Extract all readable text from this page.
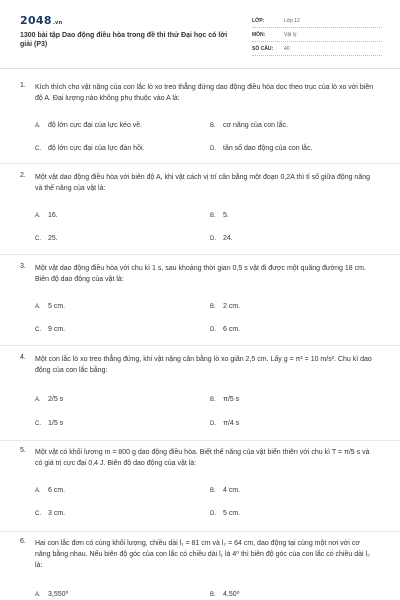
2048.vn
1300 bài tập Dao động điều hòa trong đề thi thử Đại học có lời giải (P3)
LỚP:	Lớp 12
MÔN:	Vật lý
SỐ CÂU:	40
1. Kích thích cho vật nặng của con lắc lò xo treo thẳng đứng dao động điều hòa dọc theo trục của lò xo với biên độ A. Đại lượng nào không phụ thuộc vào A là:
A. độ lớn cực đại của lực kéo về.	B. cơ năng của con lắc.
C. độ lớn cực đại của lực đàn hồi.	D. tần số dao động của con lắc.
2. Một vật dao động điều hòa với biên độ A, khi vật cách vị trí cân bằng một đoạn 0,2A thì tỉ số giữa động năng và thế năng của vật là:
A. 16.	B. 5.
C. 25.	D. 24.
3. Một vật dao động điều hòa với chu kì 1 s, sau khoảng thời gian 0,5 s vật đi được một quãng đường 18 cm. Biên độ dao động của vật là:
A. 5 cm.	B. 2 cm.
C. 9 cm.	D. 6 cm.
4. Một con lắc lò xo treo thẳng đứng, khi vật nặng cân bằng lò xo giãn 2,5 cm. Lấy g = π² = 10 m/s². Chu kì dao động của con lắc bằng:
A. 2/5 s	B. π/5 s
C. 1/5 s	D. π/4 s
5. Một vật có khối lượng m = 800 g dao động điều hòa. Biết thế năng của vật biến thiên với chu kì T = π/5 s và có giá trị cực đại 0,4 J. Biên độ dao động của vật là:
A. 6 cm.	B. 4 cm.
C. 3 cm.	D. 5 cm.
6. Hai con lắc đơn có cùng khối lượng, chiều dài l₁ = 81 cm và l₂ = 64 cm, dao động tại cùng một nơi với cơ năng bằng nhau. Nếu biên độ góc của con lắc có chiều dài l₁ là 4⁰ thì biên độ góc của con lắc có chiều dài l₂ là:
A. 3,550⁰	B. 4,50⁰
